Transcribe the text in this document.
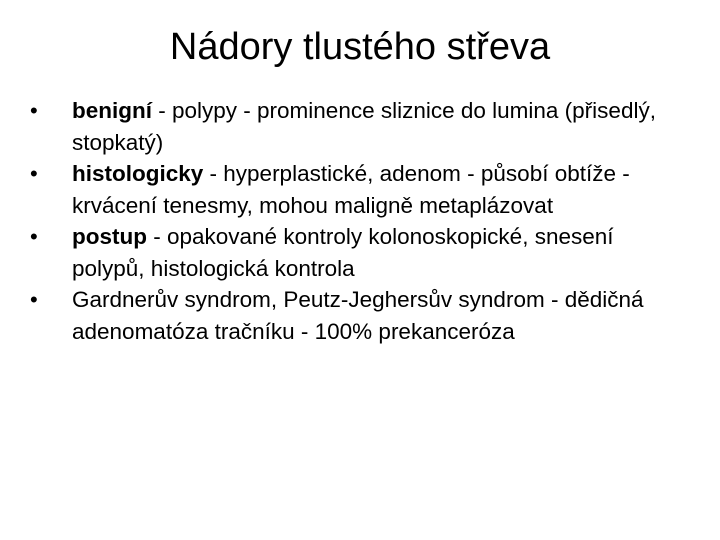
Nádory tlustého střeva
•	benigní - polypy - prominence sliznice do lumina (přisedlý, stopkatý)
•	histologicky - hyperplastické, adenom - působí obtíže - krvácení tenesmy, mohou maligně metaplázovat
•	postup - opakované kontroly kolonoskopické, snesení polypů, histologická kontrola
•	Gardnerův syndrom, Peutz-Jeghersův syndrom - dědičná adenomatóza tračníku - 100% prekanceróza
